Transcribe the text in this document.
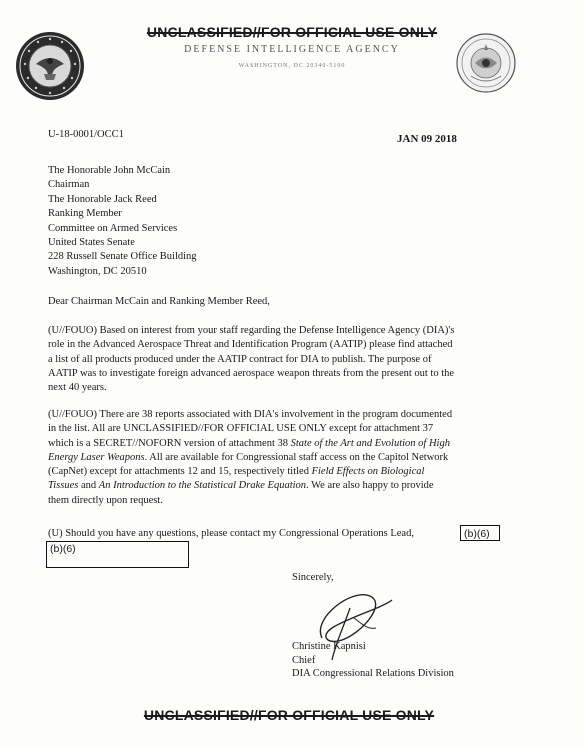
UNCLASSIFIED//FOR OFFICIAL USE ONLY
DEFENSE INTELLIGENCE AGENCY
WASHINGTON, DC 20340-5100
U-18-0001/OCC1	JAN 09 2018
The Honorable John McCain
Chairman
The Honorable Jack Reed
Ranking Member
Committee on Armed Services
United States Senate
228 Russell Senate Office Building
Washington, DC 20510
Dear Chairman McCain and Ranking Member Reed,

(U//FOUO) Based on interest from your staff regarding the Defense Intelligence Agency (DIA)'s

role in the Advanced Aerospace Threat and Identification Program (AATIP) please find attached

a list of all products produced under the AATIP contract for DIA to publish. The purpose of

AATIP was to investigate foreign advanced aerospace weapon threats from the present out to the

next 40 years.

(U//FOUO) There are 38 reports associated with DIA's involvement in the program documented

in the list. All are UNCLASSIFIED//FOR OFFICIAL USE ONLY except for attachment 37

which is a SECRET//NOFORN version of attachment 38 State of the Art and Evolution of High

Energy Laser Weapons. All are available for Congressional staff access on the Capitol Network

(CapNet) except for attachments 12 and 15, respectively titled Field Effects on Biological

Tissues and An Introduction to the Statistical Drake Equation. We are also happy to provide

them directly upon request.

(U) Should you have any questions, please contact my Congressional Operations Lead,	(b)(6)
(b)(6)
Sincerely,
Christine Kapnisi
Chief
DIA Congressional Relations Division
UNCLASSIFIED//FOR OFFICIAL USE ONLY
